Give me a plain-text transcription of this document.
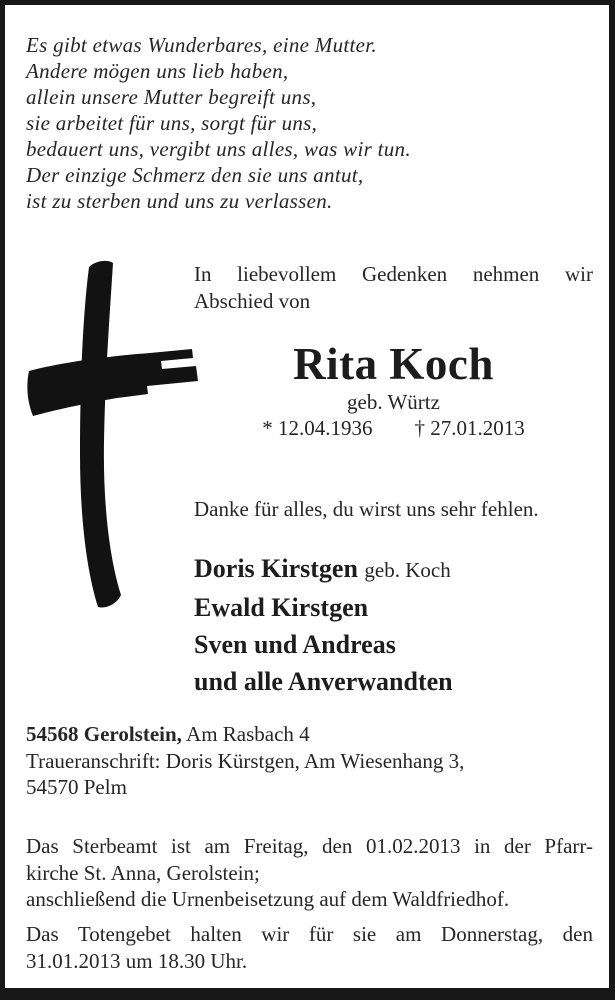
Es gibt etwas Wunderbares, eine Mutter.
Andere mögen uns lieb haben,
allein unsere Mutter begreift uns,
sie arbeitet für uns, sorgt für uns,
bedauert uns, vergibt uns alles, was wir tun.
Der einzige Schmerz den sie uns antut,
ist zu sterben und uns zu verlassen.
In liebevollem Gedenken nehmen wir
Abschied von
Rita Koch
geb. Würtz
* 12.04.1936 † 27.01.2013
Danke für alles, du wirst uns sehr fehlen.
Doris Kirstgen geb. Koch
Ewald Kirstgen
Sven und Andreas
und alle Anverwandten
54568 Gerolstein, Am Rasbach 4
Traueranschrift: Doris Kürstgen, Am Wiesenhang 3,
54570 Pelm
Das Sterbeamt ist am Freitag, den 01.02.2013 in der Pfarr-
kirche St. Anna, Gerolstein;
anschließend die Urnenbeisetzung auf dem Waldfriedhof.
Das Totengebet halten wir für sie am Donnerstag, den
31.01.2013 um 18.30 Uhr.
